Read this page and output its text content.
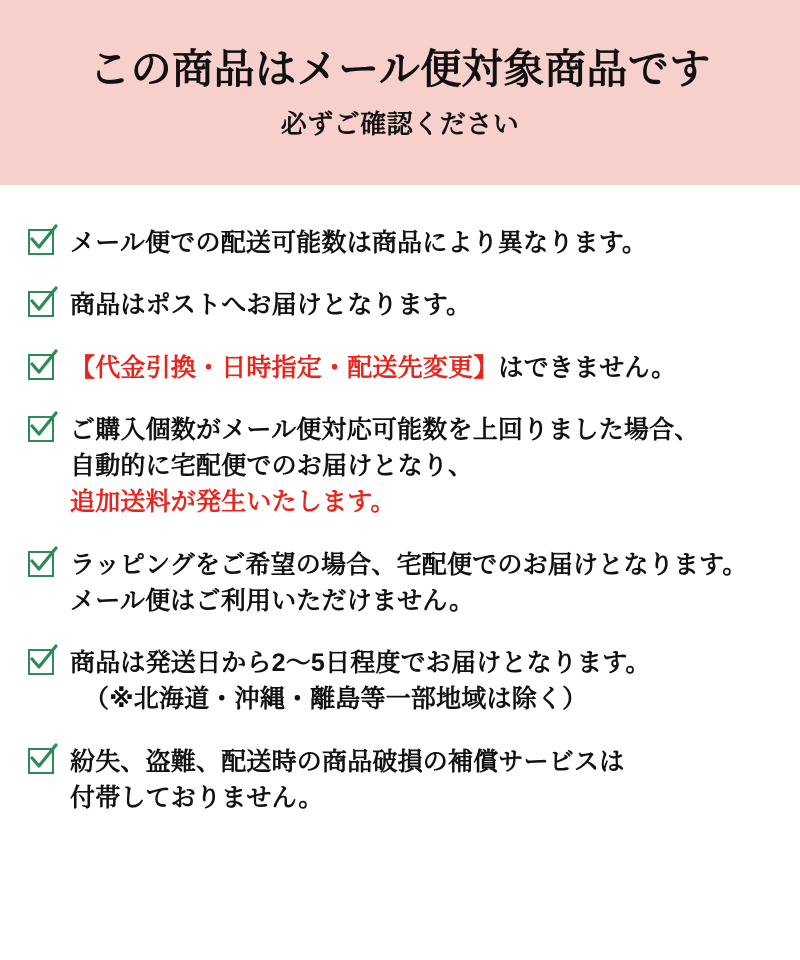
この商品はメール便対象商品です
必ずご確認ください
メール便での配送可能数は商品により異なります。
商品はポストへお届けとなります。
【代金引換・日時指定・配送先変更】はできません。
ご購入個数がメール便対応可能数を上回りました場合、
自動的に宅配便でのお届けとなり、
追加送料が発生いたします。
ラッピングをご希望の場合、宅配便でのお届けとなります。
メール便はご利用いただけません。
商品は発送日から2〜5日程度でお届けとなります。
（※北海道・沖縄・離島等一部地域は除く）
紛失、盗難、配送時の商品破損の補償サービスは
付帯しておりません。
